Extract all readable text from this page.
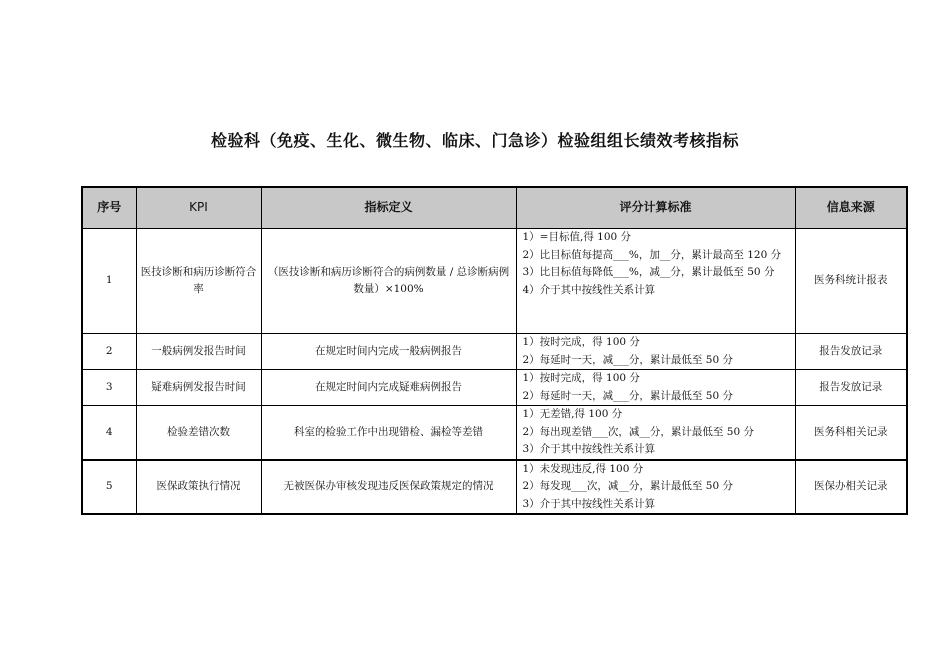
检验科（免疫、生化、微生物、临床、门急诊）检验组组长绩效考核指标
序号	KPI	指标定义	评分计算标准	信息来源
1	医技诊断和病历诊断符合率	（医技诊断和病历诊断符合的病例数量 / 总诊断病例数量）×100%	1）=目标值,得 100 分
2）比目标值每提高___%，加__分，累计最高至 120 分
3）比目标值每降低___%，减__分，累计最低至 50 分
4）介于其中按线性关系计算	医务科统计报表
2	一般病例发报告时间	在规定时间内完成一般病例报告	1）按时完成，得 100 分
2）每延时一天，减___分，累计最低至 50 分	报告发放记录
3	疑难病例发报告时间	在规定时间内完成疑难病例报告	1）按时完成，得 100 分
2）每延时一天，减___分，累计最低至 50 分	报告发放记录
4	检验差错次数	科室的检验工作中出现错检、漏检等差错	1）无差错,得 100 分
2）每出现差错___次，减__分，累计最低至 50 分
3）介于其中按线性关系计算	医务科相关记录
5	医保政策执行情况	无被医保办审核发现违反医保政策规定的情况	1）未发现违反,得 100 分
2）每发现___次，减__分，累计最低至 50 分
3）介于其中按线性关系计算	医保办相关记录
